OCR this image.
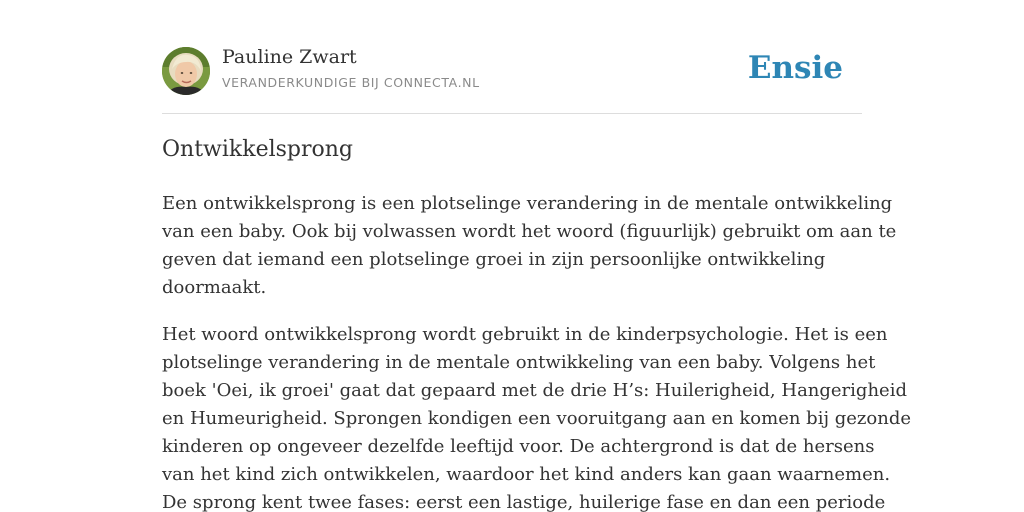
Pauline Zwart
VERANDERKUNDIGE BIJ CONNECTA.NL	Ensie
Ontwikkelsprong

Een ontwikkelsprong is een plotselinge verandering in de mentale ontwikkeling
van een baby. Ook bij volwassen wordt het woord (figuurlijk) gebruikt om aan te
geven dat iemand een plotselinge groei in zijn persoonlijke ontwikkeling
doormaakt.

Het woord ontwikkelsprong wordt gebruikt in de kinderpsychologie. Het is een
plotselinge verandering in de mentale ontwikkeling van een baby. Volgens het
boek 'Oei, ik groei' gaat dat gepaard met de drie H’s: Huilerigheid, Hangerigheid
en Humeurigheid. Sprongen kondigen een vooruitgang aan en komen bij gezonde
kinderen op ongeveer dezelfde leeftijd voor. De achtergrond is dat de hersens
van het kind zich ontwikkelen, waardoor het kind anders kan gaan waarnemen.
De sprong kent twee fases: eerst een lastige, huilerige fase en dan een periode
